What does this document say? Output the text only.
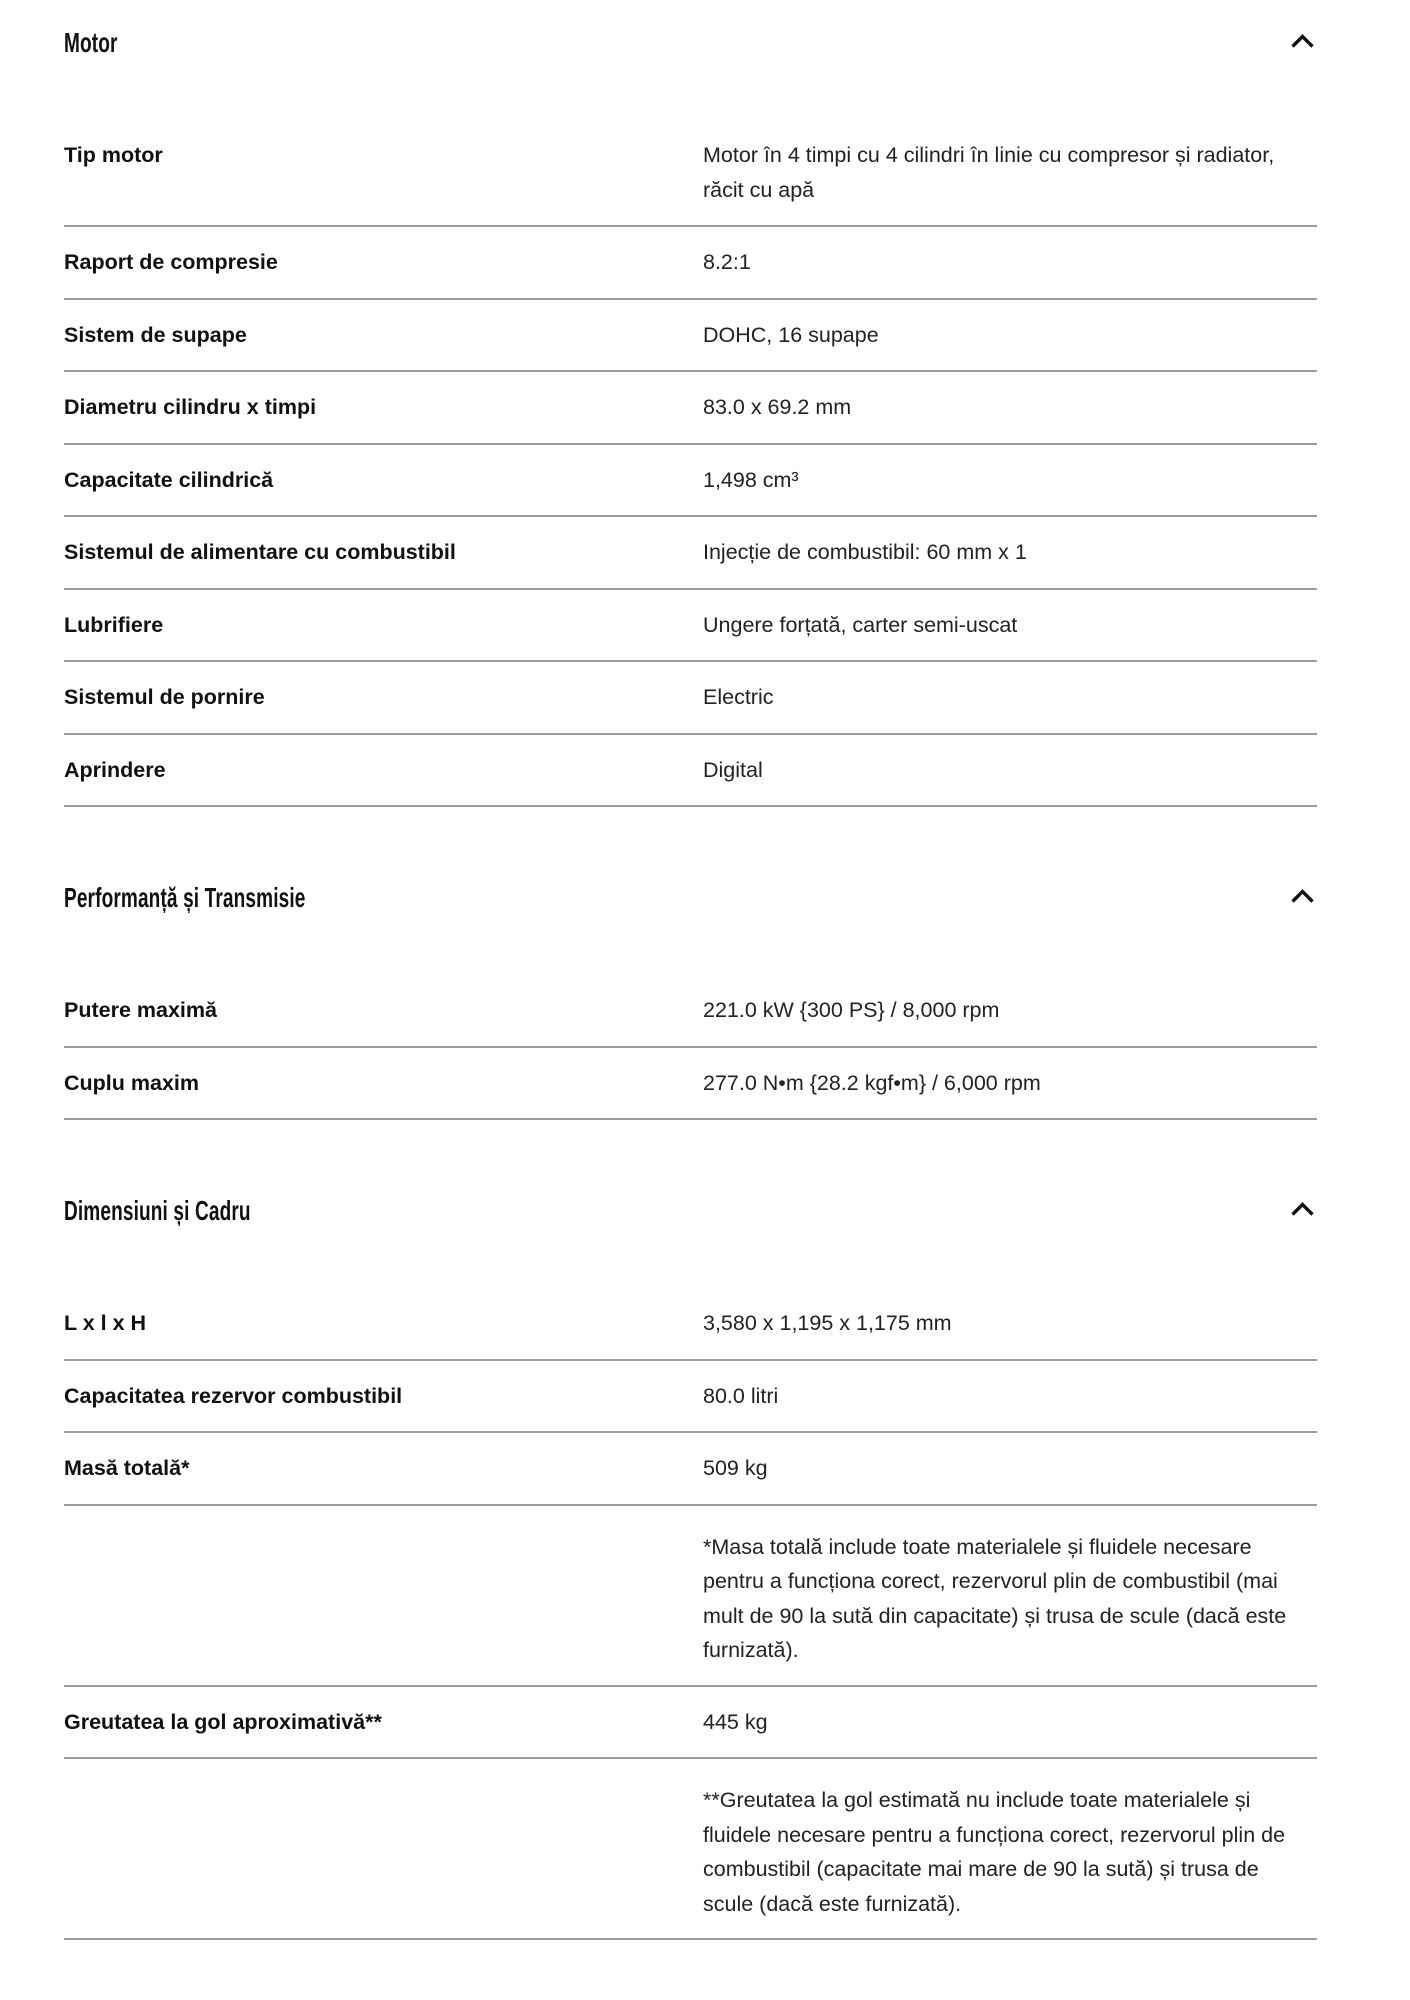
Motor
Tip motor	Motor în 4 timpi cu 4 cilindri în linie cu compresor și radiator, răcit cu apă
Raport de compresie	8.2:1
Sistem de supape	DOHC, 16 supape
Diametru cilindru x timpi	83.0 x 69.2 mm
Capacitate cilindrică	1,498 cm³
Sistemul de alimentare cu combustibil	Injecție de combustibil: 60 mm x 1
Lubrifiere	Ungere forțată, carter semi-uscat
Sistemul de pornire	Electric
Aprindere	Digital
Performanță și Transmisie
Putere maximă	221.0 kW {300 PS} / 8,000 rpm
Cuplu maxim	277.0 N•m {28.2 kgf•m} / 6,000 rpm
Dimensiuni și Cadru
L x l x H	3,580 x 1,195 x 1,175 mm
Capacitatea rezervor combustibil	80.0 litri
Masă totală*	509 kg
*Masa totală include toate materialele și fluidele necesare pentru a funcționa corect, rezervorul plin de combustibil (mai mult de 90 la sută din capacitate) și trusa de scule (dacă este furnizată).
Greutatea la gol aproximativă**	445 kg
**Greutatea la gol estimată nu include toate materialele și fluidele necesare pentru a funcționa corect, rezervorul plin de combustibil (capacitate mai mare de 90 la sută) și trusa de scule (dacă este furnizată).
